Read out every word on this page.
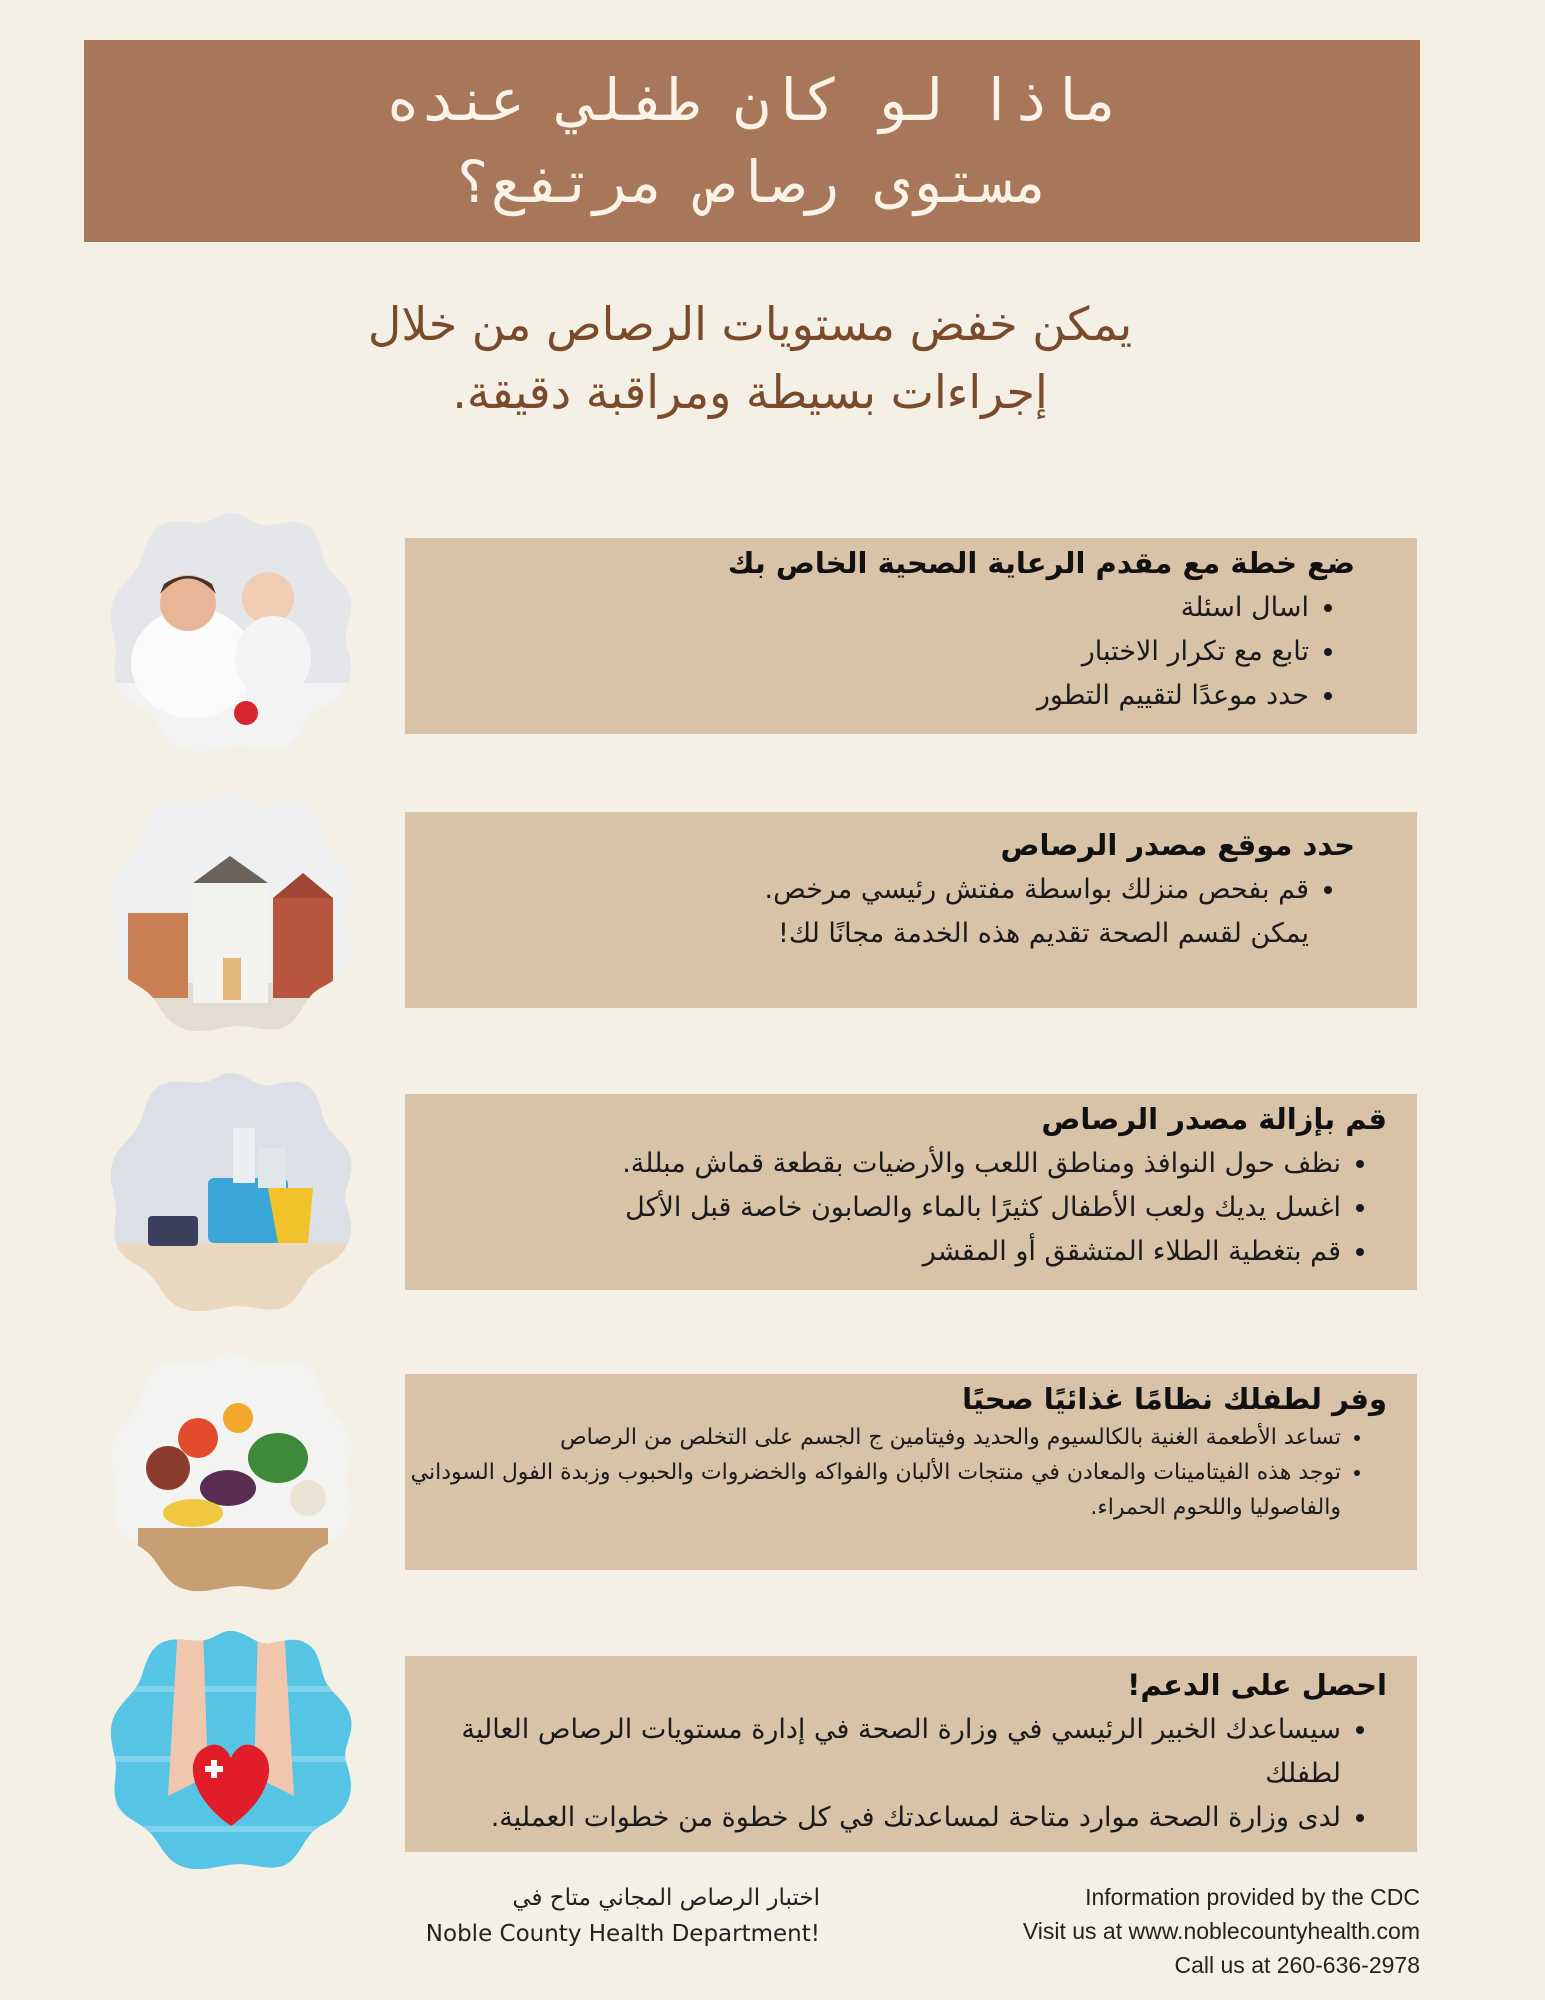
ماذا لو كان طفلي عنده
مستوى رصاص مرتفع؟
يمكن خفض مستويات الرصاص من خلال
إجراءات بسيطة ومراقبة دقيقة.
ضع خطة مع مقدم الرعاية الصحية الخاص بك
• اسال اسئلة
• تابع مع تكرار الاختبار
• حدد موعدًا لتقييم التطور
حدد موقع مصدر الرصاص
• قم بفحص منزلك بواسطة مفتش رئيسي مرخص.

يمكن لقسم الصحة تقديم هذه الخدمة مجانًا لك!

قم بإزالة مصدر الرصاص
• نظف حول النوافذ ومناطق اللعب والأرضيات بقطعة قماش مبللة.
• اغسل يديك ولعب الأطفال كثيرًا بالماء والصابون خاصة قبل الأكل
• قم بتغطية الطلاء المتشقق أو المقشر
وفر لطفلك نظامًا غذائيًا صحيًا
• تساعد الأطعمة الغنية بالكالسيوم والحديد وفيتامين ج الجسم على التخلص من الرصاص
• توجد هذه الفيتامينات والمعادن في منتجات الألبان والفواكه والخضروات والحبوب وزبدة الفول السوداني والفاصوليا واللحوم الحمراء.
احصل على الدعم!
• سيساعدك الخبير الرئيسي في وزارة الصحة في إدارة مستويات الرصاص العالية لطفلك
• لدى وزارة الصحة موارد متاحة لمساعدتك في كل خطوة من خطوات العملية.
اختبار الرصاص المجاني متاح في
Noble County Health Department!
Information provided by the CDC
Visit us at www.noblecountyhealth.com
Call us at 260-636-2978
